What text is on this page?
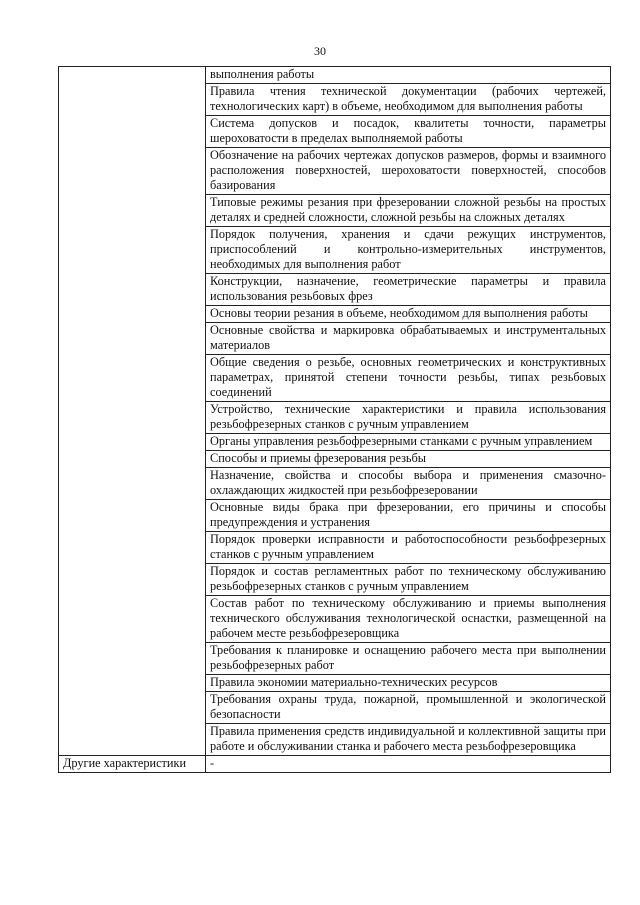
30
	выполнения работы
	Правила чтения технической документации (рабочих чертежей, технологических карт) в объеме, необходимом для выполнения работы
	Система допусков и посадок, квалитеты точности, параметры шероховатости в пределах выполняемой работы
	Обозначение на рабочих чертежах допусков размеров, формы и взаимного расположения поверхностей, шероховатости поверхностей, способов базирования
	Типовые режимы резания при фрезеровании сложной резьбы на простых деталях и средней сложности, сложной резьбы на сложных деталях
	Порядок получения, хранения и сдачи режущих инструментов, приспособлений и контрольно-измерительных инструментов, необходимых для выполнения работ
	Конструкции, назначение, геометрические параметры и правила использования резьбовых фрез
	Основы теории резания в объеме, необходимом для выполнения работы
	Основные свойства и маркировка обрабатываемых и инструментальных материалов
	Общие сведения о резьбе, основных геометрических и конструктивных параметрах, принятой степени точности резьбы, типах резьбовых соединений
	Устройство, технические характеристики и правила использования резьбофрезерных станков с ручным управлением
	Органы управления резьбофрезерными станками с ручным управлением
	Способы и приемы фрезерования резьбы
	Назначение, свойства и способы выбора и применения смазочно-охлаждающих жидкостей при резьбофрезеровании
	Основные виды брака при фрезеровании, его причины и способы предупреждения и устранения
	Порядок проверки исправности и работоспособности резьбофрезерных станков с ручным управлением
	Порядок и состав регламентных работ по техническому обслуживанию резьбофрезерных станков с ручным управлением
	Состав работ по техническому обслуживанию и приемы выполнения технического обслуживания технологической оснастки, размещенной на рабочем месте резьбофрезеровщика
	Требования к планировке и оснащению рабочего места при выполнении резьбофрезерных работ
	Правила экономии материально-технических ресурсов
	Требования охраны труда, пожарной, промышленной и экологической безопасности
	Правила применения средств индивидуальной и коллективной защиты при работе и обслуживании станка и рабочего места резьбофрезеровщика
Другие характеристики	-
